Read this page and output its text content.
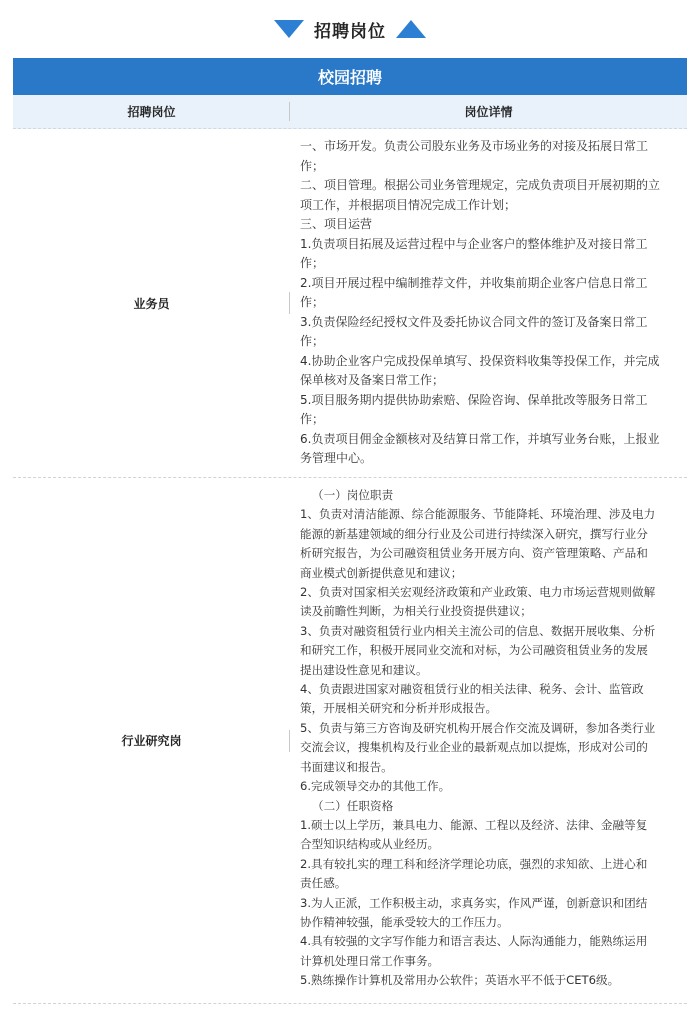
招聘岗位
校园招聘
招聘岗位	岗位详情
业务员
一、市场开发。负责公司股东业务及市场业务的对接及拓展日常工
作；
二、项目管理。根据公司业务管理规定，完成负责项目开展初期的立
项工作，并根据项目情况完成工作计划；
三、项目运营
1.负责项目拓展及运营过程中与企业客户的整体维护及对接日常工
作；
2.项目开展过程中编制推荐文件，并收集前期企业客户信息日常工
作；
3.负责保险经纪授权文件及委托协议合同文件的签订及备案日常工
作；
4.协助企业客户完成投保单填写、投保资料收集等投保工作，并完成
保单核对及备案日常工作；
5.项目服务期内提供协助索赔、保险咨询、保单批改等服务日常工
作；
6.负责项目佣金金额核对及结算日常工作，并填写业务台账，上报业
务管理中心。
行业研究岗
（一）岗位职责
1、负责对清洁能源、综合能源服务、节能降耗、环境治理、涉及电力
能源的新基建领域的细分行业及公司进行持续深入研究，撰写行业分
析研究报告，为公司融资租赁业务开展方向、资产管理策略、产品和
商业模式创新提供意见和建议；
2、负责对国家相关宏观经济政策和产业政策、电力市场运营规则做解
读及前瞻性判断，为相关行业投资提供建议；
3、负责对融资租赁行业内相关主流公司的信息、数据开展收集、分析
和研究工作，积极开展同业交流和对标，为公司融资租赁业务的发展
提出建设性意见和建议。
4、负责跟进国家对融资租赁行业的相关法律、税务、会计、监管政
策，开展相关研究和分析并形成报告。
5、负责与第三方咨询及研究机构开展合作交流及调研，参加各类行业
交流会议，搜集机构及行业企业的最新观点加以提炼，形成对公司的
书面建议和报告。
6.完成领导交办的其他工作。
（二）任职资格
1.硕士以上学历，兼具电力、能源、工程以及经济、法律、金融等复
合型知识结构或从业经历。
2.具有较扎实的理工科和经济学理论功底，强烈的求知欲、上进心和
责任感。
3.为人正派，工作积极主动，求真务实，作风严谨，创新意识和团结
协作精神较强，能承受较大的工作压力。
4.具有较强的文字写作能力和语言表达、人际沟通能力，能熟练运用
计算机处理日常工作事务。
5.熟练操作计算机及常用办公软件；英语水平不低于CET6级。
